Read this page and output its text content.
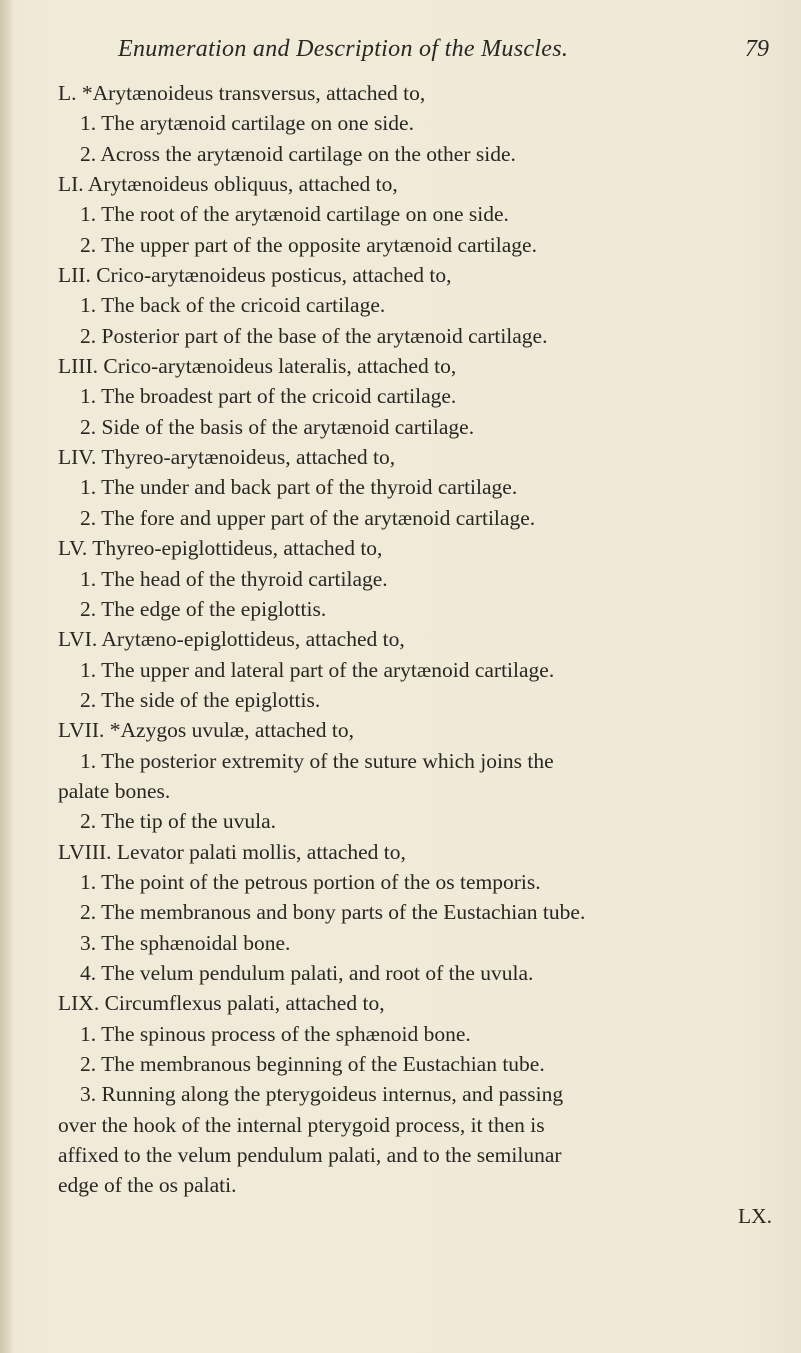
Enumeration and Description of the Muscles.	79

L. *Arytænoideus transversus, attached to,

1. The arytænoid cartilage on one side.

2. Across the arytænoid cartilage on the other side.

LI. Arytænoideus obliquus, attached to,

1. The root of the arytænoid cartilage on one side.

2. The upper part of the opposite arytænoid cartilage.

LII. Crico-arytænoideus posticus, attached to,

1. The back of the cricoid cartilage.

2. Posterior part of the base of the arytænoid cartilage.

LIII. Crico-arytænoideus lateralis, attached to,

1. The broadest part of the cricoid cartilage.

2. Side of the basis of the arytænoid cartilage.

LIV. Thyreo-arytænoideus, attached to,

1. The under and back part of the thyroid cartilage.

2. The fore and upper part of the arytænoid cartilage.

LV. Thyreo-epiglottideus, attached to,

1. The head of the thyroid cartilage.

2. The edge of the epiglottis.

LVI. Arytæno-epiglottideus, attached to,

1. The upper and lateral part of the arytænoid cartilage.

2. The side of the epiglottis.

LVII. *Azygos uvulæ, attached to,

1. The posterior extremity of the suture which joins the

palate bones.

2. The tip of the uvula.

LVIII. Levator palati mollis, attached to,

1. The point of the petrous portion of the os temporis.

2. The membranous and bony parts of the Eustachian tube.

3. The sphænoidal bone.

4. The velum pendulum palati, and root of the uvula.

LIX. Circumflexus palati, attached to,

1. The spinous process of the sphænoid bone.

2. The membranous beginning of the Eustachian tube.

3. Running along the pterygoideus internus, and passing

over the hook of the internal pterygoid process, it then is

affixed to the velum pendulum palati, and to the semilunar

edge of the os palati.

LX.
